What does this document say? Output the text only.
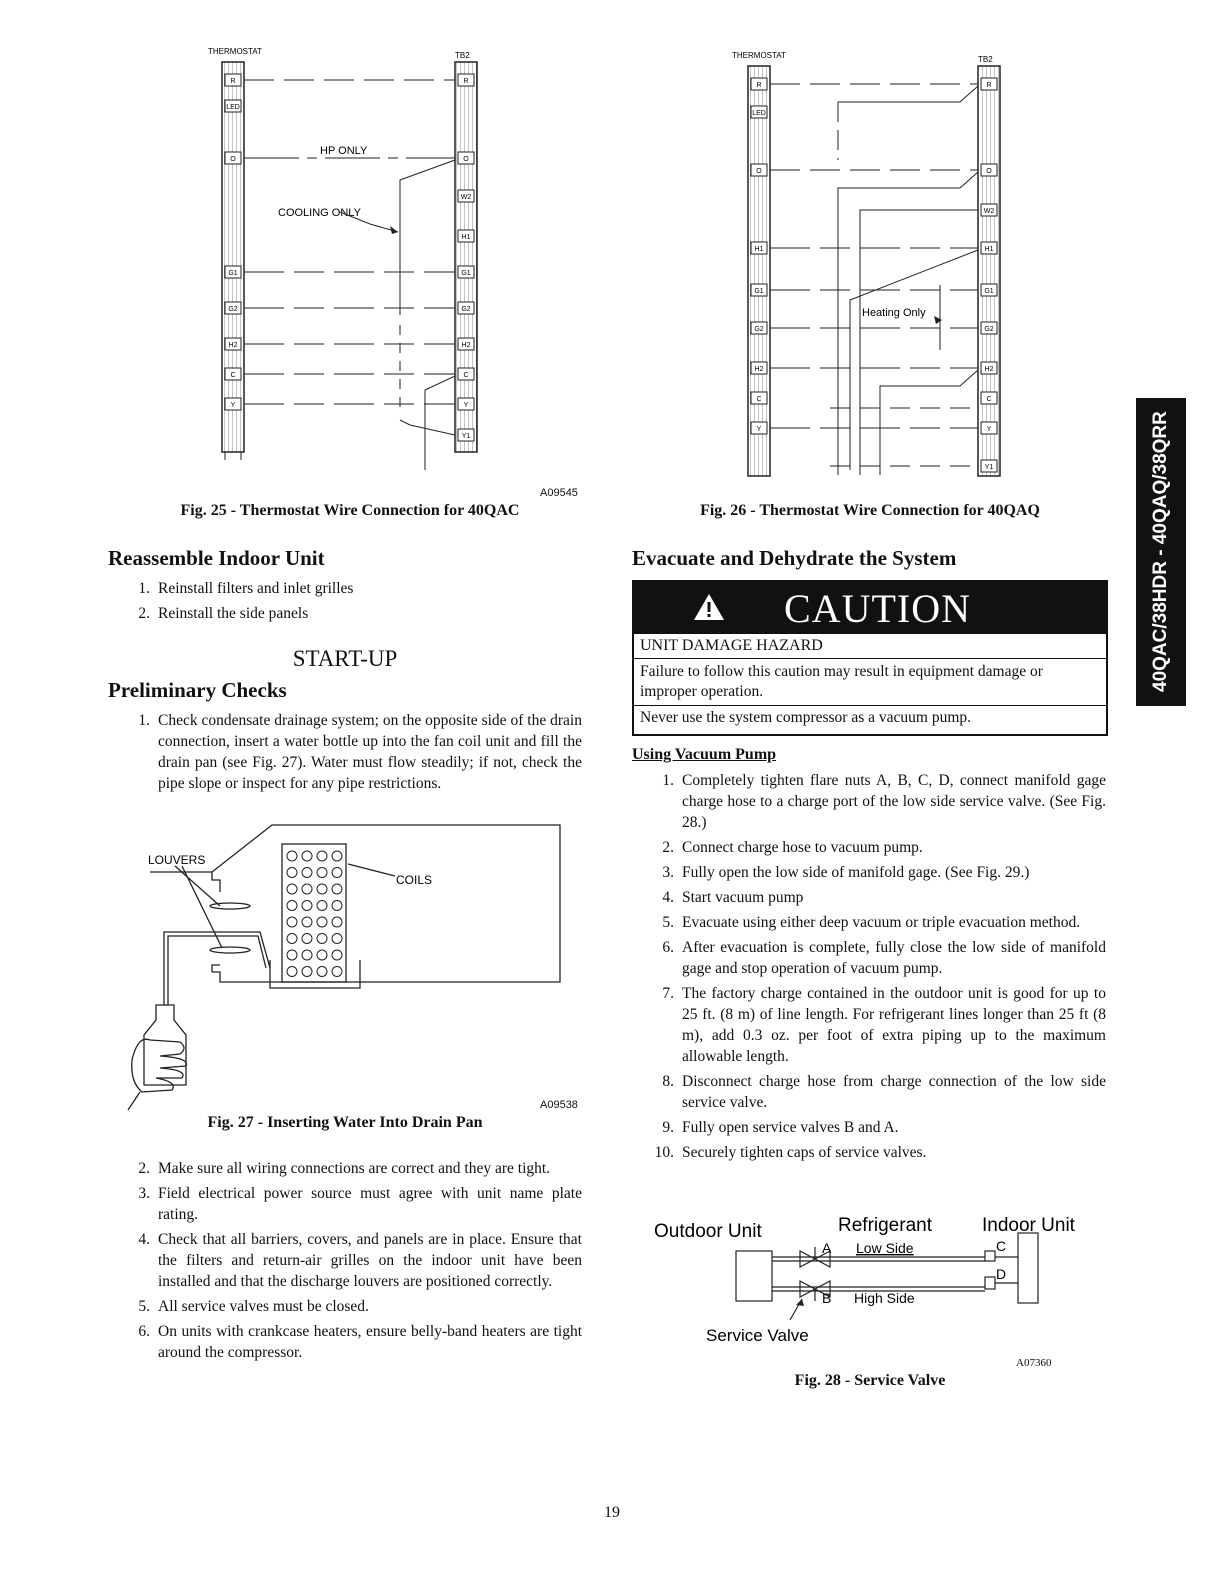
THERMOSTAT	TB2
R
LED
O
G1
G2
H2
C
Y
R
O
W2
H1
G1
G2
H2
C
Y
Y1
HP ONLY
COOLING ONLY
A09545
Fig. 25 - Thermostat Wire Connection for 40QAC
THERMOSTAT	TB2
R
LED
O
H1
G1
G2
H2
C
Y
R
O
W2
H1
G1
G2
H2
C
Y
Y1
Heating Only
Fig. 26 - Thermostat Wire Connection for 40QAQ
Reassemble Indoor Unit
1. Reinstall filters and inlet grilles
2. Reinstall the side panels
START-UP
Preliminary Checks
1. Check condensate drainage system; on the opposite side of the drain connection, insert a water bottle up into the fan coil unit and fill the drain pan (see Fig. 27). Water must flow steadily; if not, check the pipe slope or inspect for any pipe restrictions.
LOUVERS
COILS
A09538
Fig. 27 - Inserting Water Into Drain Pan
2. Make sure all wiring connections are correct and they are tight.
3. Field electrical power source must agree with unit name plate rating.
4. Check that all barriers, covers, and panels are in place. Ensure that the filters and return-air grilles on the indoor unit have been installed and that the discharge louvers are positioned correctly.
5. All service valves must be closed.
6. On units with crankcase heaters, ensure belly-band heaters are tight around the compressor.
Evacuate and Dehydrate the System
CAUTION
UNIT DAMAGE HAZARD
Failure to follow this caution may result in equipment damage or improper operation.
Never use the system compressor as a vacuum pump.
Using Vacuum Pump
1. Completely tighten flare nuts A, B, C, D, connect manifold gage charge hose to a charge port of the low side service valve. (See Fig. 28.)
2. Connect charge hose to vacuum pump.
3. Fully open the low side of manifold gage. (See Fig. 29.)
4. Start vacuum pump
5. Evacuate using either deep vacuum or triple evacuation method.
6. After evacuation is complete, fully close the low side of manifold gage and stop operation of vacuum pump.
7. The factory charge contained in the outdoor unit is good for up to 25 ft. (8 m) of line length. For refrigerant lines longer than 25 ft (8 m), add 0.3 oz. per foot of extra piping up to the maximum allowable length.
8. Disconnect charge hose from charge connection of the low side service valve.
9. Fully open service valves B and A.
10. Securely tighten caps of service valves.
Outdoor Unit	Refrigerant	Indoor Unit
A Low Side	C
D
B High Side
Service Valve
A07360
Fig. 28 - Service Valve
40QAC/38HDR - 40QAQ/38QRR
19
